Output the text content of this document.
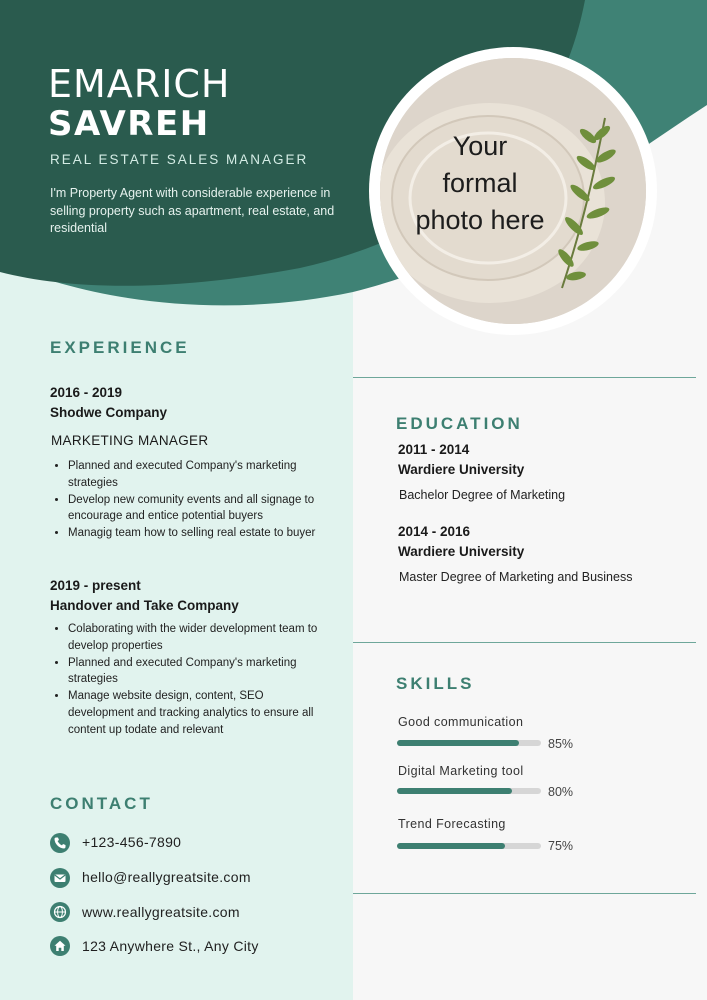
EMARICH
SAVREH
REAL ESTATE SALES MANAGER
I'm Property Agent with considerable experience in selling property such as apartment, real estate, and residential
Your
formal
photo here
EXPERIENCE
2016 - 2019
Shodwe Company
MARKETING MANAGER
• Planned and executed Company's marketing strategies
• Develop new comunity events and all signage to encourage and entice potential buyers
• Managig team how to selling real estate to buyer
2019 - present
Handover and Take Company
• Colaborating with the wider development team to develop properties
• Planned and executed Company's marketing strategies
• Manage website design, content, SEO development and tracking analytics to ensure all content up todate and relevant
CONTACT
+123-456-7890
hello@reallygreatsite.com
www.reallygreatsite.com
123 Anywhere St., Any City
EDUCATION
2011 - 2014
Wardiere University
Bachelor Degree of Marketing
2014 - 2016
Wardiere University
Master Degree of Marketing and Business
SKILLS
Good communication
85%
Digital Marketing tool
80%
Trend Forecasting
75%
